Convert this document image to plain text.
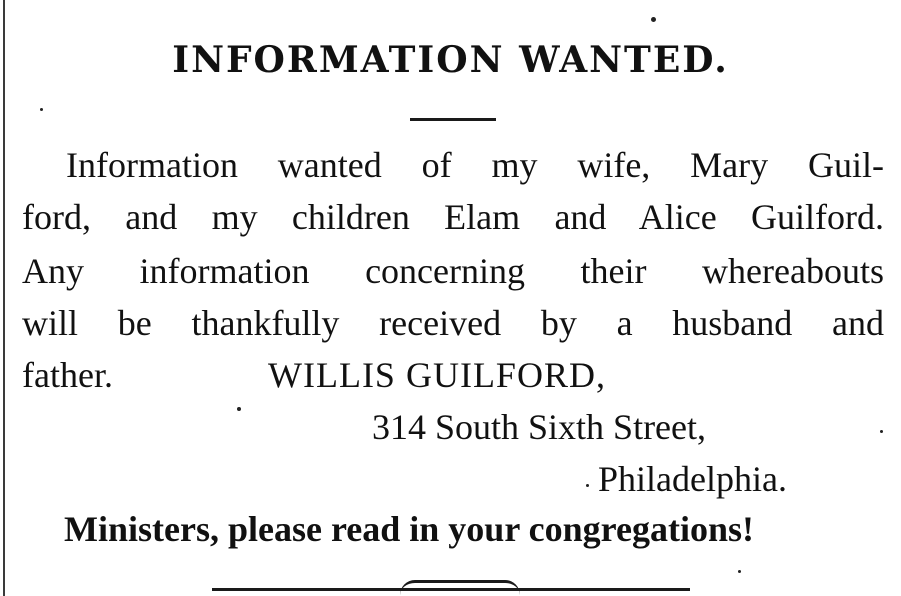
INFORMATION WANTED.
Information wanted of my wife, Mary Guil-
ford, and my children Elam and Alice Guilford.
Any information concerning their whereabouts
will be thankfully received by a husband and
father.	WILLIS GUILFORD,
314 South Sixth Street,
Philadelphia.
Ministers, please read in your congregations!
